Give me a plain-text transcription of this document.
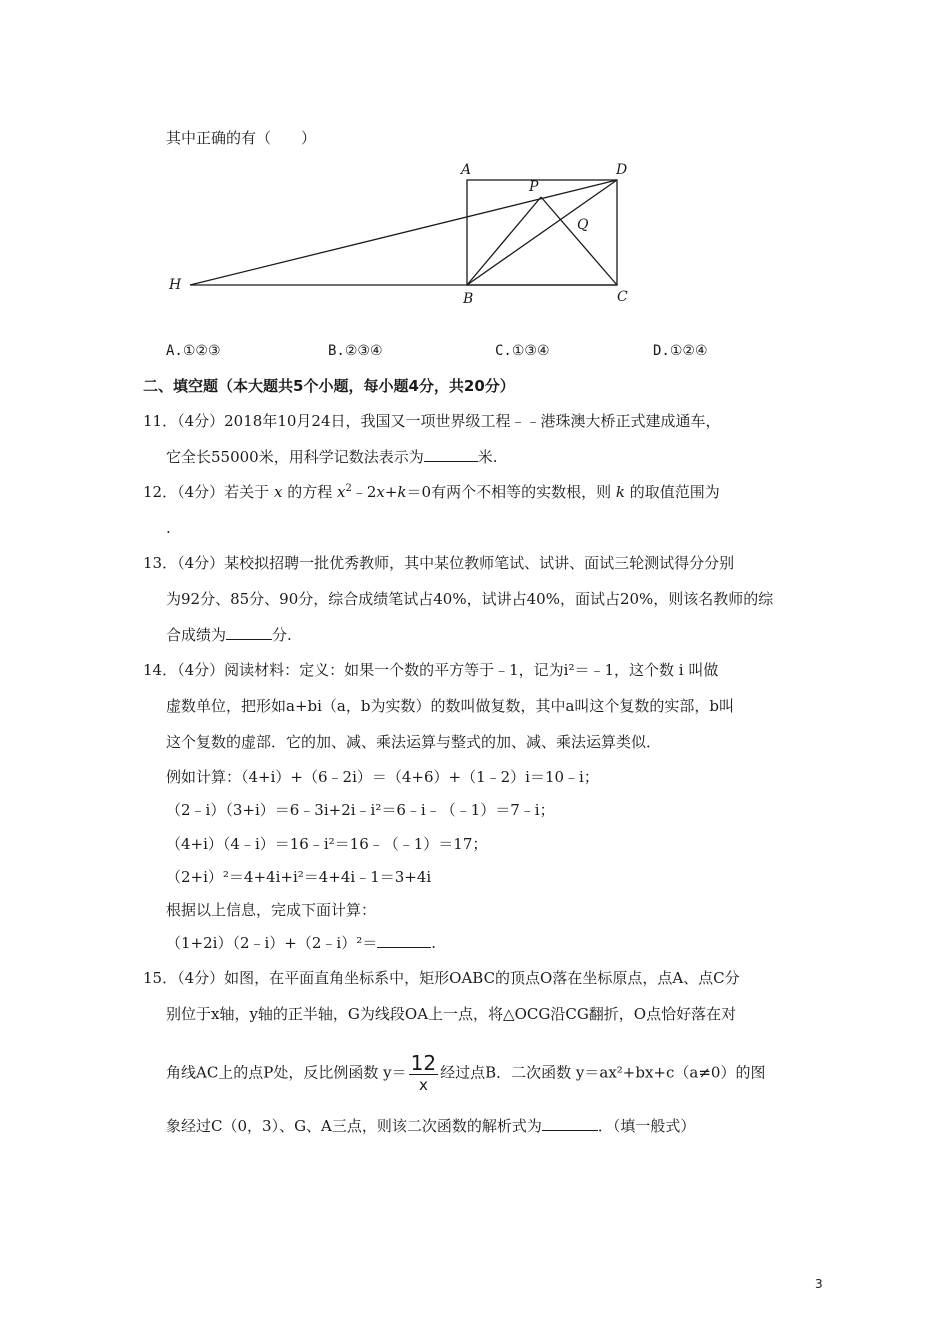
其中正确的有（　　）
A	D
P
Q
H
B	C
A.①②③	B.②③④	C.①③④	D.①②④
二、填空题（本大题共5个小题，每小题4分，共20分）
11．（4分）2018年10月24日，我国又一项世界级工程﹣﹣港珠澳大桥正式建成通车，
它全长55000米，用科学记数法表示为	米.
12．（4分）若关于 x 的方程 $x^2﹣2x+k=0$有两个不相等的实数根，则 k 的取值范围为
.
13．（4分）某校拟招聘一批优秀教师，其中某位教师笔试、试讲、面试三轮测试得分分别
为92分、85分、90分，综合成绩笔试占40%，试讲占40%，面试占20%，则该名教师的综
合成绩为	分.
14．（4分）阅读材料：定义：如果一个数的平方等于﹣1，记为i²＝﹣1，这个数 i 叫做
虚数单位，把形如a+bi（a，b为实数）的数叫做复数，其中a叫这个复数的实部，b叫
这个复数的虚部．它的加、减、乘法运算与整式的加、减、乘法运算类似．
例如计算：（4+i）+（6﹣2i）＝（4+6）+（1﹣2）i＝10﹣i；
（2﹣i）（3+i）＝6﹣3i+2i﹣i²＝6﹣i﹣（﹣1）＝7﹣i；
（4+i）（4﹣i）＝16﹣i²＝16﹣（﹣1）＝17；
（2+i）²＝4+4i+i²＝4+4i﹣1＝3+4i
根据以上信息，完成下面计算：
（1+2i）（2﹣i）+（2﹣i）²＝	.
15．（4分）如图，在平面直角坐标系中，矩形OABC的顶点O落在坐标原点，点A、点C分
别位于x轴，y轴的正半轴，G为线段OA上一点，将△OCG沿CG翻折，O点恰好落在对
角线AC上的点P处，反比例函数 $y= \frac{12}{x}$ 经过点B．二次函数 y＝ax²+bx+c（a≠0）的图
象经过C（0，3）、G、A三点，则该二次函数的解析式为	．（填一般式）
3
